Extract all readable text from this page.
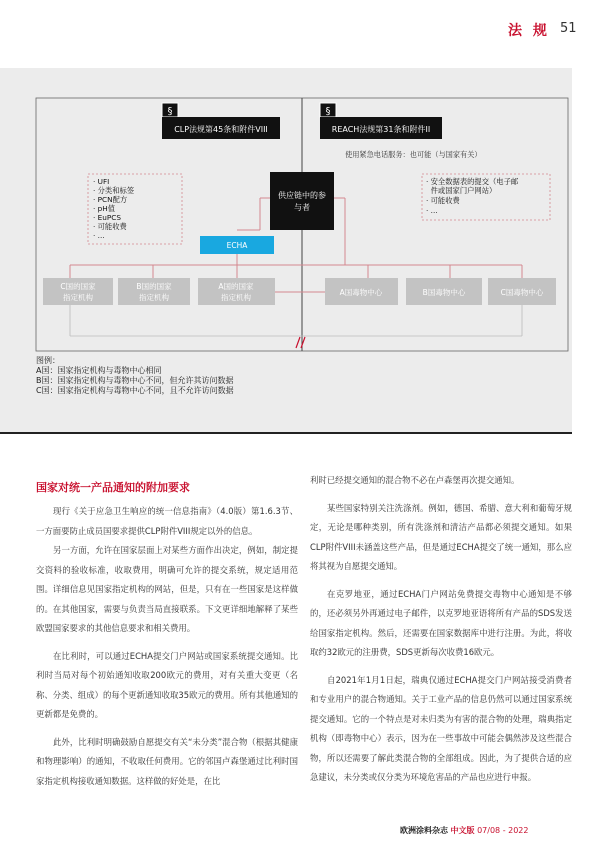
法 规 51
§
CLP法规第45条和附件VIII
§
REACH法规第31条和附件II
使用紧急电话服务：也可能（与国家有关）
· UFI
· 分类和标签
· PCN配方
· pH值
· EuPCS
· 可能收费
· ...
· 安全数据表的提交（电子邮
件或国家门户网站）
· 可能收费
· ...
供应链中的参
与者
ECHA
C国的国家
指定机构
B国的国家
指定机构
A国的国家
指定机构
A国毒物中心	B国毒物中心	C国毒物中心
图例：
A国：国家指定机构与毒物中心相同
B国：国家指定机构与毒物中心不同，但允许其访问数据
C国：国家指定机构与毒物中心不同，且不允许访问数据
国家对统一产品通知的附加要求

现行《关于应急卫生响应的统一信息指南》（4.0版）第1.6.3节、一方面要防止成员国要求提供CLP附件VIII规定以外的信息。

另一方面，允许在国家层面上对某些方面作出决定，例如，制定提交资料的验收标准，收取费用，明确可允许的提交系统，规定适用范围。详细信息见国家指定机构的网站，但是，只有在一些国家是这样做的。在其他国家，需要与负责当局直接联系。下文更详细地解释了某些欧盟国家要求的其他信息要求和相关费用。

在比利时，可以通过ECHA提交门户网站或国家系统提交通知。比利时当局对每个初始通知收取200欧元的费用，对有关重大变更（名称、分类、组成）的每个更新通知收取35欧元的费用。所有其他通知的更新都是免费的。

此外，比利时明确鼓励自愿提交有关“未分类”混合物（根据其健康和物理影响）的通知，不收取任何费用。它的邻国卢森堡通过比利时国家指定机构接收通知数据。这样做的好处是，在比

利时已经提交通知的混合物不必在卢森堡再次提交通知。

某些国家特别关注洗涤剂。例如，德国、希腊、意大利和葡萄牙规定，无论是哪种类别，所有洗涤剂和清洁产品都必须提交通知。如果CLP附件VIII未涵盖这些产品，但是通过ECHA提交了统一通知，那么应将其视为自愿提交通知。

在克罗地亚，通过ECHA门户网站免费提交毒物中心通知是不够的，还必须另外再通过电子邮件，以克罗地亚语将所有产品的SDS发送给国家指定机构。然后，还需要在国家数据库中进行注册。为此，将收取约32欧元的注册费，SDS更新每次收费16欧元。

自2021年1月1日起，瑞典仅通过ECHA提交门户网站接受消费者和专业用户的混合物通知。关于工业产品的信息仍然可以通过国家系统提交通知。它的一个特点是对未归类为有害的混合物的处理，瑞典指定机构（即毒物中心）表示，因为在一些事故中可能会偶然涉及这些混合物，所以还需要了解此类混合物的全部组成。因此，为了提供合适的应急建议，未分类或仅分类为环境危害品的产品也应进行申报。

欧洲涂料杂志 中文版 07/08 - 2022
